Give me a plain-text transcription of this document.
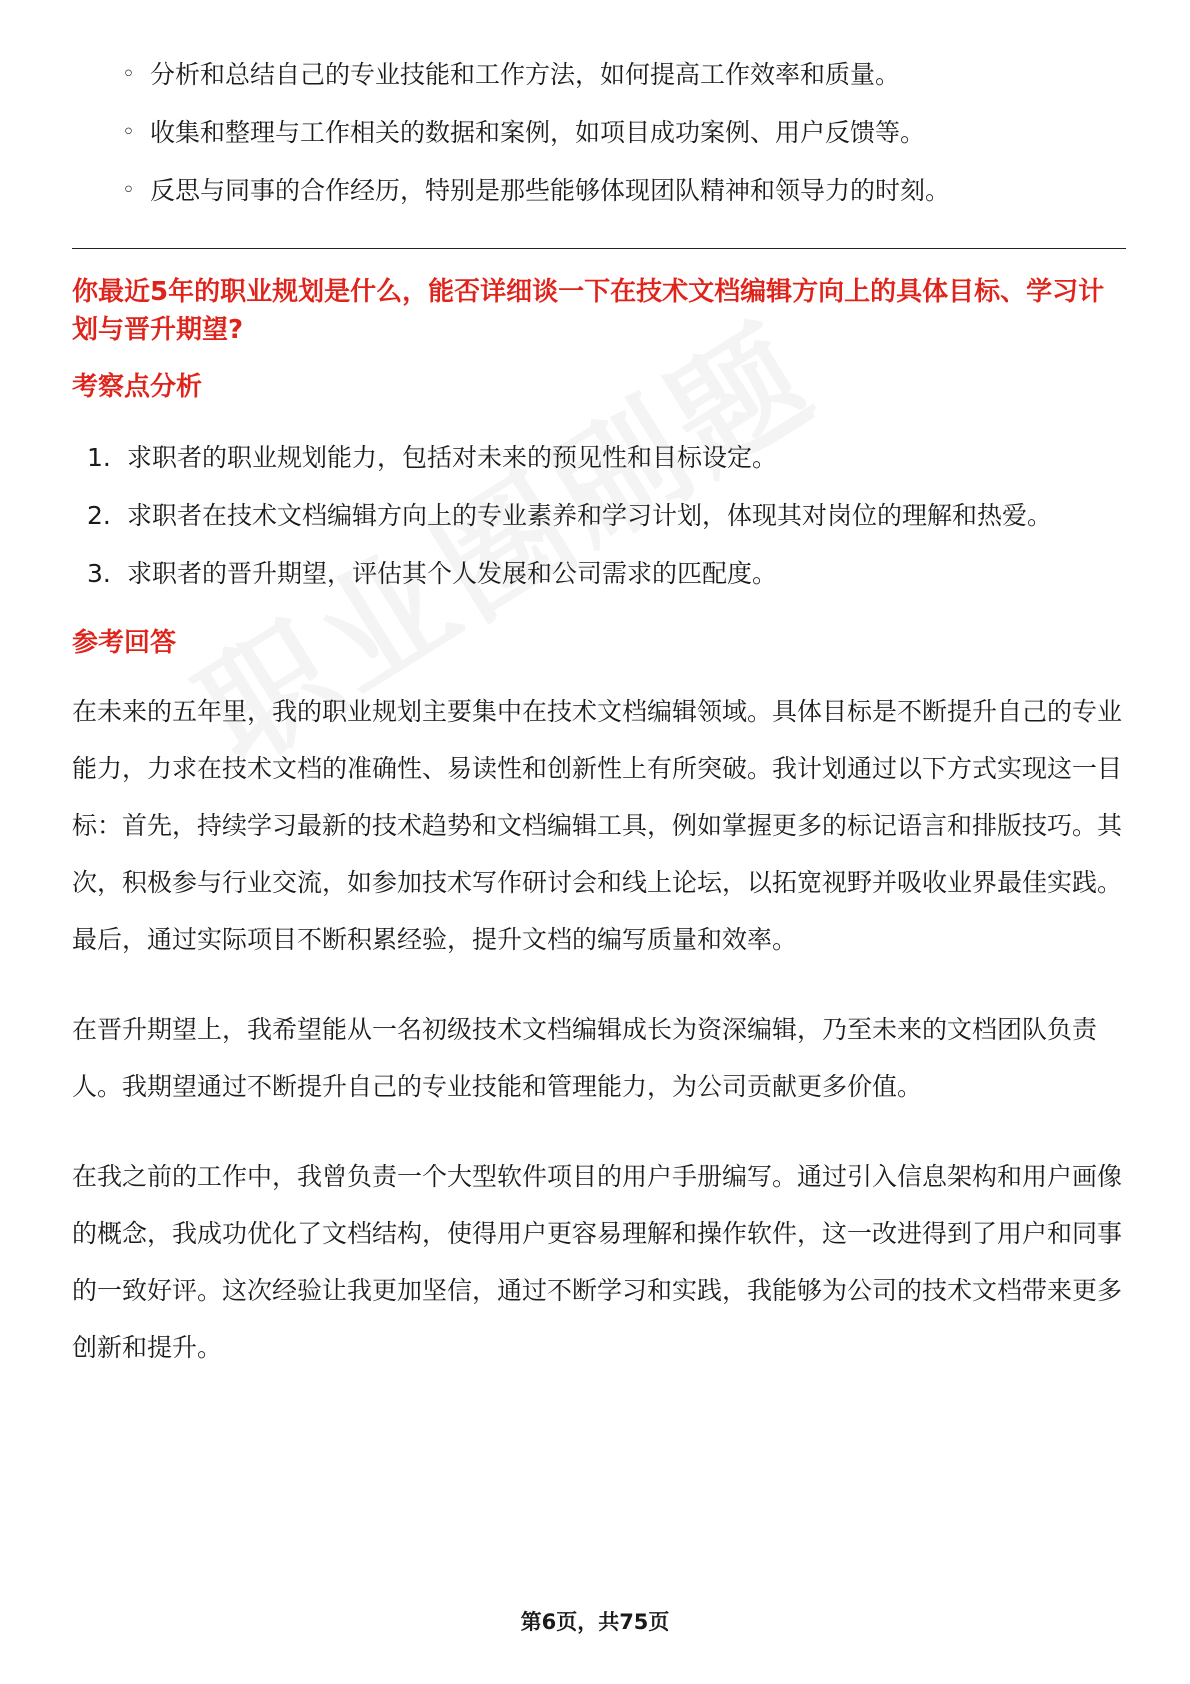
◦ 分析和总结自己的专业技能和工作方法，如何提高工作效率和质量。
◦ 收集和整理与工作相关的数据和案例，如项目成功案例、用户反馈等。
◦ 反思与同事的合作经历，特别是那些能够体现团队精神和领导力的时刻。
你最近5年的职业规划是什么，能否详细谈一下在技术文档编辑方向上的具体目标、学习计划与晋升期望?
考察点分析
1. 求职者的职业规划能力，包括对未来的预见性和目标设定。
2. 求职者在技术文档编辑方向上的专业素养和学习计划，体现其对岗位的理解和热爱。
3. 求职者的晋升期望，评估其个人发展和公司需求的匹配度。
参考回答

在未来的五年里，我的职业规划主要集中在技术文档编辑领域。具体目标是不断提升自己的专业能力，力求在技术文档的准确性、易读性和创新性上有所突破。我计划通过以下方式实现这一目标：首先，持续学习最新的技术趋势和文档编辑工具，例如掌握更多的标记语言和排版技巧。其次，积极参与行业交流，如参加技术写作研讨会和线上论坛，以拓宽视野并吸收业界最佳实践。最后，通过实际项目不断积累经验，提升文档的编写质量和效率。

在晋升期望上，我希望能从一名初级技术文档编辑成长为资深编辑，乃至未来的文档团队负责人。我期望通过不断提升自己的专业技能和管理能力，为公司贡献更多价值。

在我之前的工作中，我曾负责一个大型软件项目的用户手册编写。通过引入信息架构和用户画像的概念，我成功优化了文档结构，使得用户更容易理解和操作软件，这一改进得到了用户和同事的一致好评。这次经验让我更加坚信，通过不断学习和实践，我能够为公司的技术文档带来更多创新和提升。

第6页，共75页
